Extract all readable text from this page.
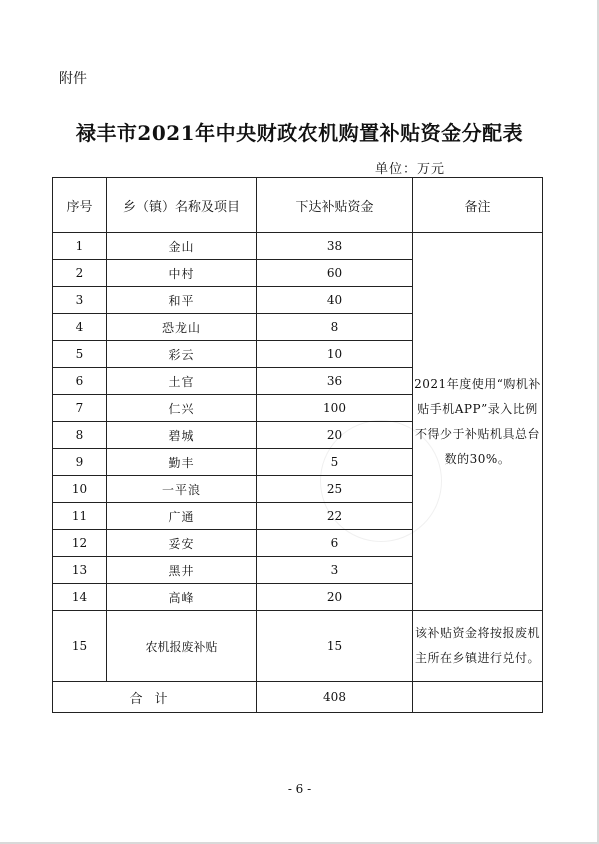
附件
禄丰市2021年中央财政农机购置补贴资金分配表
单位：万元
序号	乡（镇）名称及项目	下达补贴资金	备注
1	金山	38	2021年度使用“购机补贴手机APP”录入比例不得少于补贴机具总台数的30%。
2	中村	60	
3	和平	40	
4	恐龙山	8	
5	彩云	10	
6	土官	36	
7	仁兴	100	
8	碧城	20	
9	勤丰	5	
10	一平浪	25	
11	广通	22	
12	妥安	6	
13	黑井	3	
14	高峰	20	
15	农机报废补贴	15	该补贴资金将按报废机主所在乡镇进行兑付。
合计		408	
- 6 -
